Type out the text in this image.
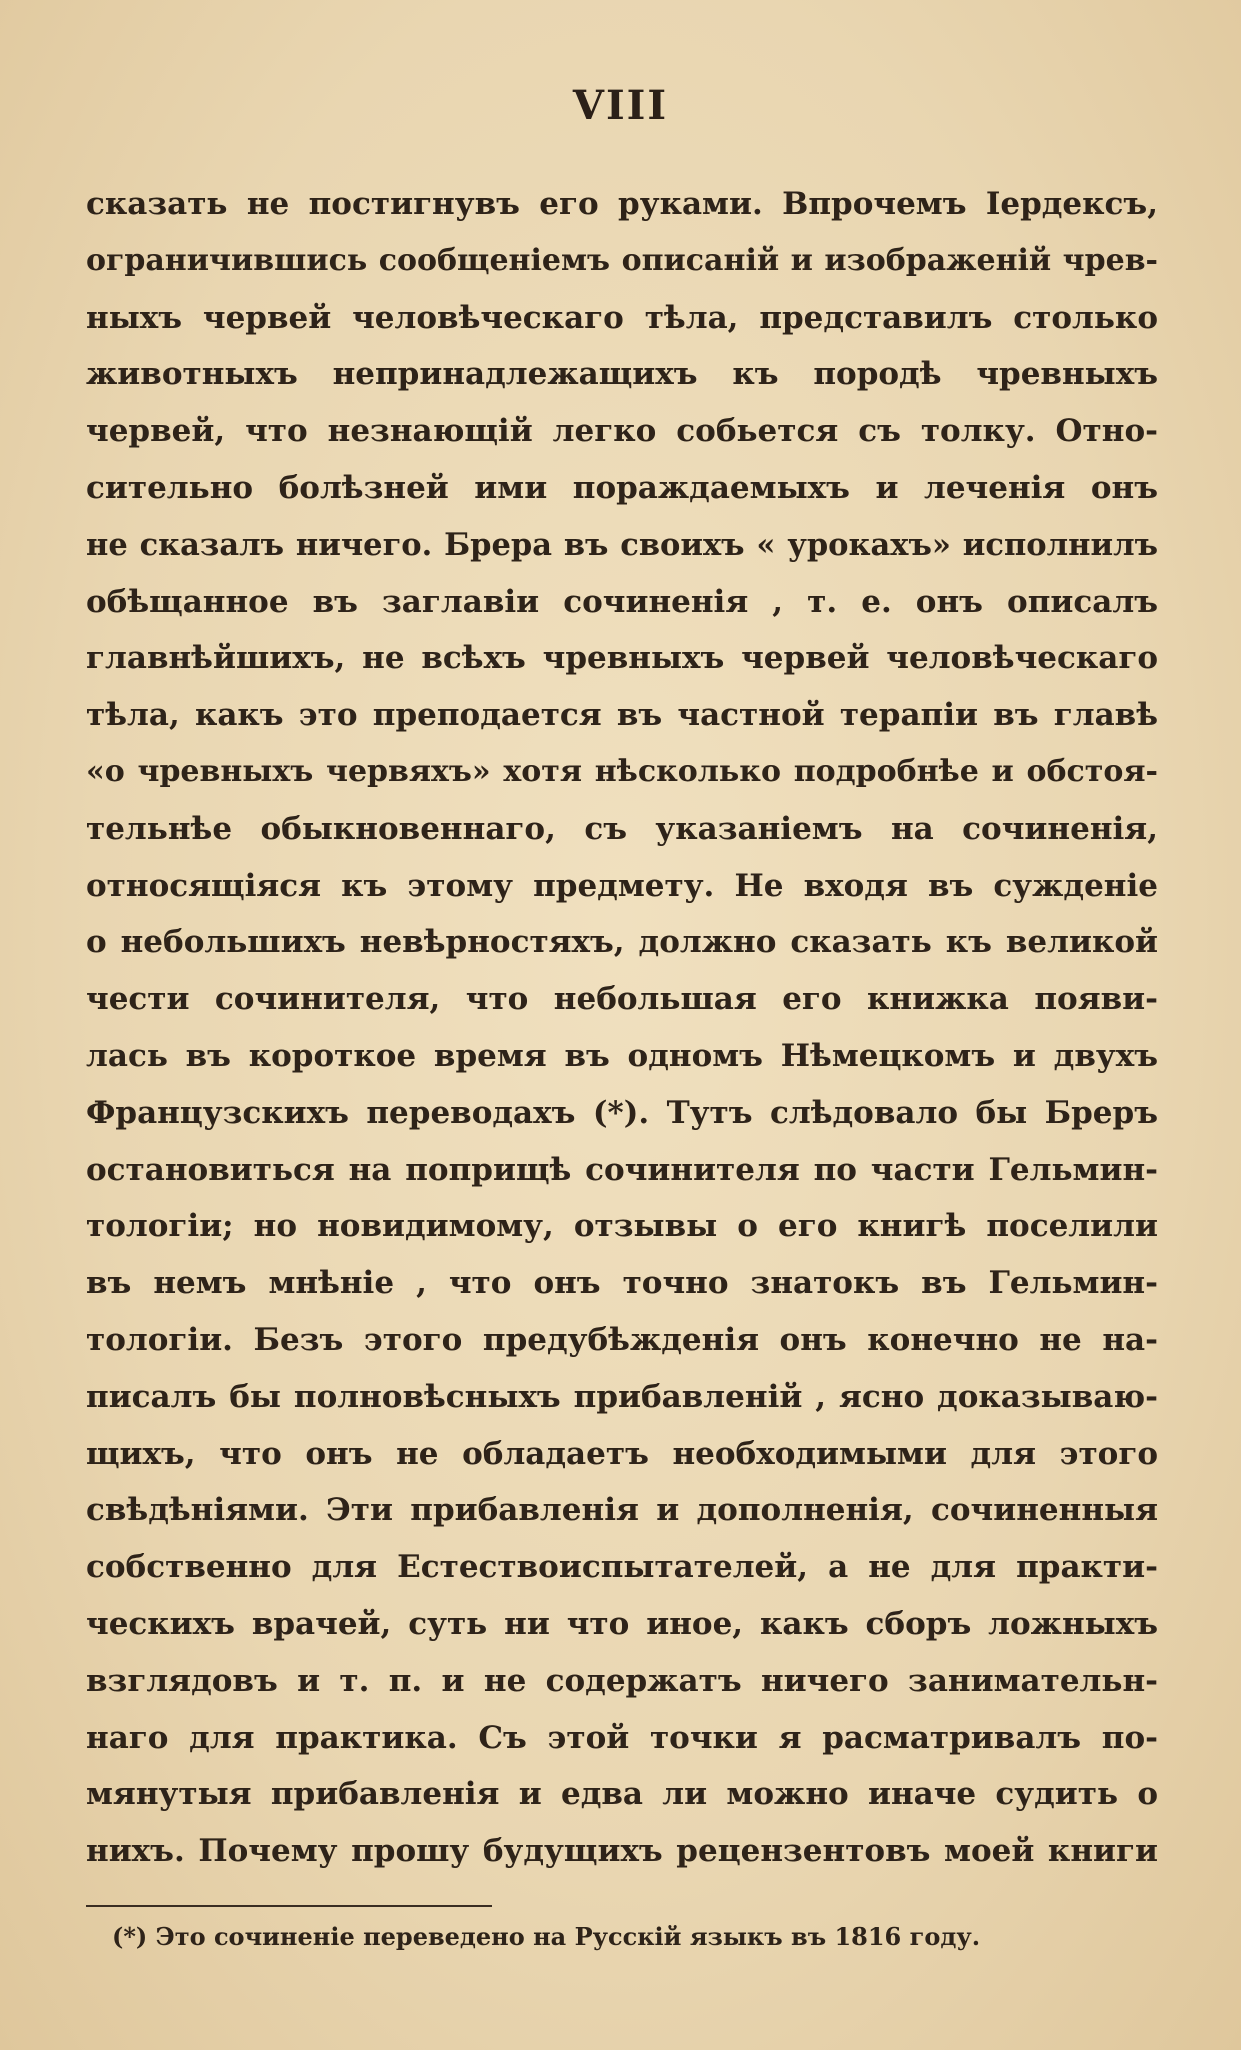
VIII
сказать не постигнувъ его руками. Впрочемъ Іердексъ,
ограничившись сообщеніемъ описаній и изображеній чрев-
ныхъ червей человѣческаго тѣла, представилъ столько
животныхъ непринадлежащихъ къ породѣ чревныхъ
червей, что незнающій легко собьется съ толку. Отно-
сительно болѣзней ими пораждаемыхъ и леченія онъ
не сказалъ ничего. Брера въ своихъ « урокахъ» исполнилъ
обѣщанное въ заглавіи сочиненія , т. е. онъ описалъ
главнѣйшихъ, не всѣхъ чревныхъ червей человѣческаго
тѣла, какъ это преподается въ частной терапіи въ главѣ
«о чревныхъ червяхъ» хотя нѣсколько подробнѣе и обстоя-
тельнѣе обыкновеннаго, съ указаніемъ на сочиненія,
относящіяся къ этому предмету. Не входя въ сужденіе
о небольшихъ невѣрностяхъ, должно сказать къ великой
чести сочинителя, что небольшая его книжка появи-
лась въ короткое время въ одномъ Нѣмецкомъ и двухъ
Французскихъ переводахъ (*). Тутъ слѣдовало бы Бреръ
остановиться на поприщѣ сочинителя по части Гельмин-
тологіи; но новидимому, отзывы о его книгѣ поселили
въ немъ мнѣніе , что онъ точно знатокъ въ Гельмин-
тологіи. Безъ этого предубѣжденія онъ конечно не на-
писалъ бы полновѣсныхъ прибавленій , ясно доказываю-
щихъ, что онъ не обладаетъ необходимыми для этого
свѣдѣніями. Эти прибавленія и дополненія, сочиненныя
собственно для Естествоиспытателей, а не для практи-
ческихъ врачей, суть ни что иное, какъ сборъ ложныхъ
взглядовъ и т. п. и не содержатъ ничего занимательн-
наго для практика. Съ этой точки я расматривалъ по-
мянутыя прибавленія и едва ли можно иначе судить о
нихъ. Почему прошу будущихъ рецензентовъ моей книги
(*) Это сочиненіе переведено на Русскій языкъ въ 1816 году.
